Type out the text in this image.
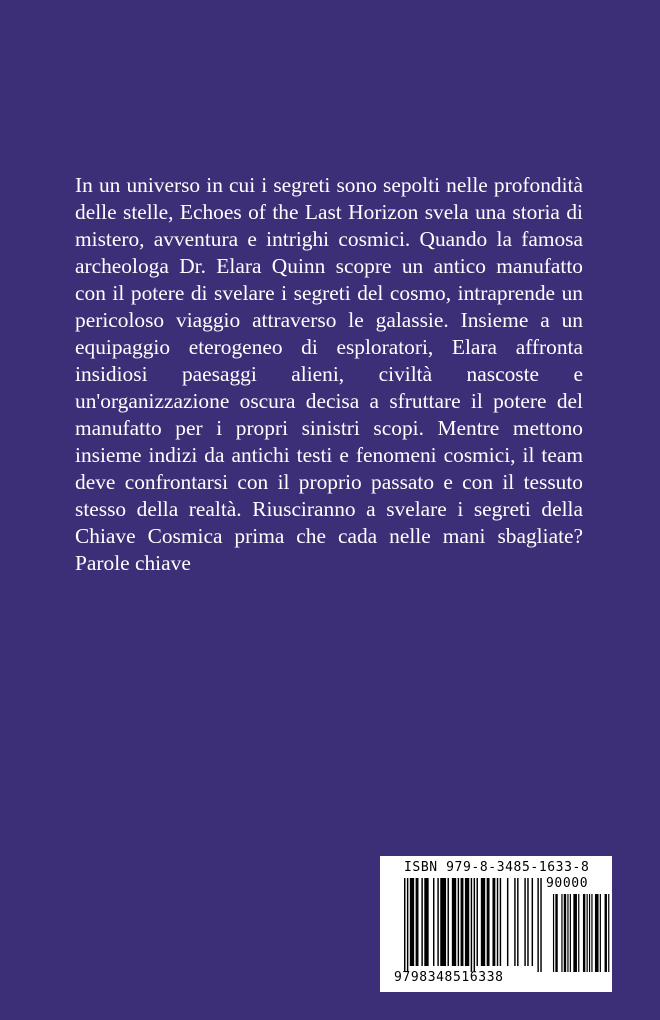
In un universo in cui i segreti sono sepolti nelle profondità delle stelle, Echoes of the Last Horizon svela una storia di mistero, avventura e intrighi cosmici. Quando la famosa archeologa Dr. Elara Quinn scopre un antico manufatto con il potere di svelare i segreti del cosmo, intraprende un pericoloso viaggio attraverso le galassie. Insieme a un equipaggio eterogeneo di esploratori, Elara affronta insidiosi paesaggi alieni, civiltà nascoste e un'organizzazione oscura decisa a sfruttare il potere del manufatto per i propri sinistri scopi. Mentre mettono insieme indizi da antichi testi e fenomeni cosmici, il team deve confrontarsi con il proprio passato e con il tessuto stesso della realtà. Riusciranno a svelare i segreti della Chiave Cosmica prima che cada nelle mani sbagliate? Parole chiave

ISBN 979-8-3485-1633-8

90000

9798348516338
